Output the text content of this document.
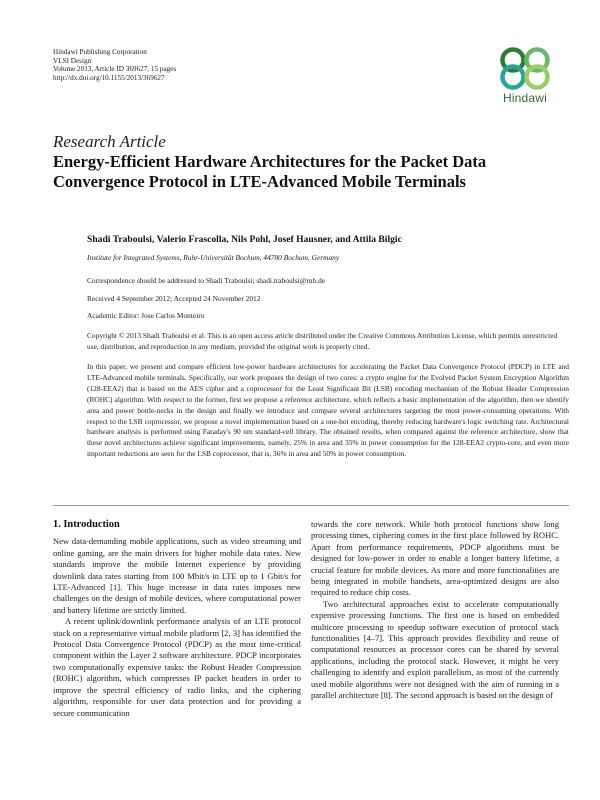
Hindawi Publishing Corporation
VLSI Design
Volume 2013, Article ID 369627, 15 pages
http://dx.doi.org/10.1155/2013/369627
Hindawi
Research Article
Energy-Efficient Hardware Architectures for the Packet Data Convergence Protocol in LTE-Advanced Mobile Terminals
Shadi Traboulsi, Valerio Frascolla, Nils Pohl, Josef Hausner, and Attila Bilgic
Institute for Integrated Systems, Ruhr-Universität Bochum, 44780 Bochum, Germany
Correspondence should be addressed to Shadi Traboulsi; shadi.traboulsi@rub.de
Received 4 September 2012; Accepted 24 November 2012
Academic Editor: Jose Carlos Monteiro
Copyright © 2013 Shadi Traboulsi et al. This is an open access article distributed under the Creative Commons Attribution License, which permits unrestricted use, distribution, and reproduction in any medium, provided the original work is properly cited.
In this paper, we present and compare efficient low-power hardware architectures for accelerating the Packet Data Convergence Protocol (PDCP) in LTE and LTE-Advanced mobile terminals. Specifically, our work proposes the design of two cores: a crypto engine for the Evolved Packet System Encryption Algorithm (128-EEA2) that is based on the AES cipher and a coprocessor for the Least Significant Bit (LSB) encoding mechanism of the Robust Header Compression (ROHC) algorithm. With respect to the former, first we propose a reference architecture, which reflects a basic implementation of the algorithm, then we identify area and power bottle-necks in the design and finally we introduce and compare several architectures targeting the most power-consuming operations. With respect to the LSB coprocessor, we propose a novel implementation based on a one-hot encoding, thereby reducing hardware's logic switching rate. Architectural hardware analysis is performed using Faraday's 90 nm standard-cell library. The obtained results, when compared against the reference architecture, show that these novel architectures achieve significant improvements, namely, 25% in area and 35% in power consumption for the 128-EEA2 crypto-core, and even more important reductions are seen for the LSB coprocessor, that is, 36% in area and 50% in power consumption.
1. Introduction

New data-demanding mobile applications, such as video streaming and online gaming, are the main drivers for higher mobile data rates. New standards improve the mobile Internet experience by providing downlink data rates starting from 100 Mbit/s in LTE up to 1 Gbit/s for LTE-Advanced [1]. This huge increase in data rates imposes new challenges on the design of mobile devices, where computational power and battery lifetime are strictly limited.

A recent uplink/downlink performance analysis of an LTE protocol stack on a representative virtual mobile platform [2, 3] has identified the Protocol Data Convergence Protocol (PDCP) as the most time-critical component within the Layer 2 software architecture. PDCP incorporates two computationally expensive tasks: the Robust Header Compression (ROHC) algorithm, which compresses IP packet headers in order to improve the spectral efficiency of radio links, and the ciphering algorithm, responsible for user data protection and for providing a secure communication

towards the core network. While both protocol functions show long processing times, ciphering comes in the first place followed by ROHC. Apart from performance requirements, PDCP algorithms must be designed for low-power in order to enable a longer battery lifetime, a crucial feature for mobile devices. As more and more functionalities are being integrated in mobile handsets, area-optimized designs are also required to reduce chip costs.

Two architectural approaches exist to accelerate computationally expensive processing functions. The first one is based on embedded multicore processing to speedup software execution of protocol stack functionalities [4–7]. This approach provides flexibility and reuse of computational resources as processor cores can be shared by several applications, including the protocol stack. However, it might be very challenging to identify and exploit parallelism, as most of the currently used mobile algorithms were not designed with the aim of running in a parallel architecture [8]. The second approach is based on the design of
